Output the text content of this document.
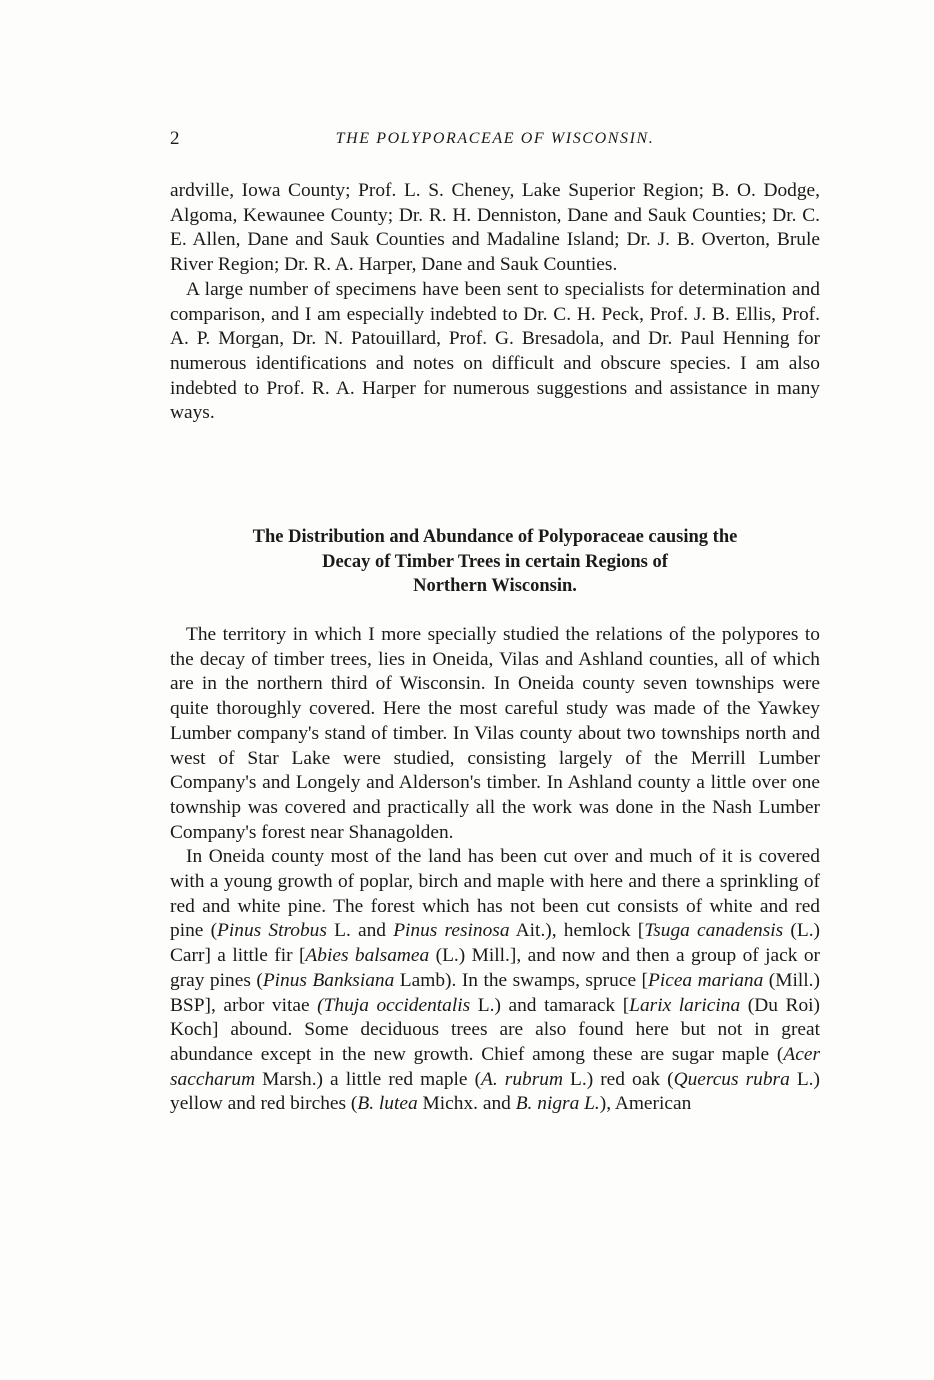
2	THE POLYPORACEAE OF WISCONSIN.

ardville, Iowa County; Prof. L. S. Cheney, Lake Superior Region; B. O. Dodge, Algoma, Kewaunee County; Dr. R. H. Denniston, Dane and Sauk Counties; Dr. C. E. Allen, Dane and Sauk Counties and Madaline Island; Dr. J. B. Overton, Brule River Region; Dr. R. A. Harper, Dane and Sauk Counties.

A large number of specimens have been sent to specialists for determination and comparison, and I am especially indebted to Dr. C. H. Peck, Prof. J. B. Ellis, Prof. A. P. Morgan, Dr. N. Patouillard, Prof. G. Bresadola, and Dr. Paul Henning for numerous identifications and notes on difficult and obscure species. I am also indebted to Prof. R. A. Harper for numerous suggestions and assistance in many ways.

The Distribution and Abundance of Polyporaceae causing the
Decay of Timber Trees in certain Regions of
Northern Wisconsin.

The territory in which I more specially studied the relations of the polypores to the decay of timber trees, lies in Oneida, Vilas and Ashland counties, all of which are in the northern third of Wisconsin. In Oneida county seven townships were quite thoroughly covered. Here the most careful study was made of the Yawkey Lumber company's stand of timber. In Vilas county about two townships north and west of Star Lake were studied, consisting largely of the Merrill Lumber Company's and Longely and Alderson's timber. In Ashland county a little over one township was covered and practically all the work was done in the Nash Lumber Company's forest near Shanagolden.

In Oneida county most of the land has been cut over and much of it is covered with a young growth of poplar, birch and maple with here and there a sprinkling of red and white pine. The forest which has not been cut consists of white and red pine (Pinus Strobus L. and Pinus resinosa Ait.), hemlock [Tsuga canadensis (L.) Carr] a little fir [Abies balsamea (L.) Mill.], and now and then a group of jack or gray pines (Pinus Banksiana Lamb). In the swamps, spruce [Picea mariana (Mill.) BSP], arbor vitae (Thuja occidentalis L.) and tamarack [Larix laricina (Du Roi) Koch] abound. Some deciduous trees are also found here but not in great abundance except in the new growth. Chief among these are sugar maple (Acer saccharum Marsh.) a little red maple (A. rubrum L.) red oak (Quercus rubra L.) yellow and red birches (B. lutea Michx. and B. nigra L.), American
